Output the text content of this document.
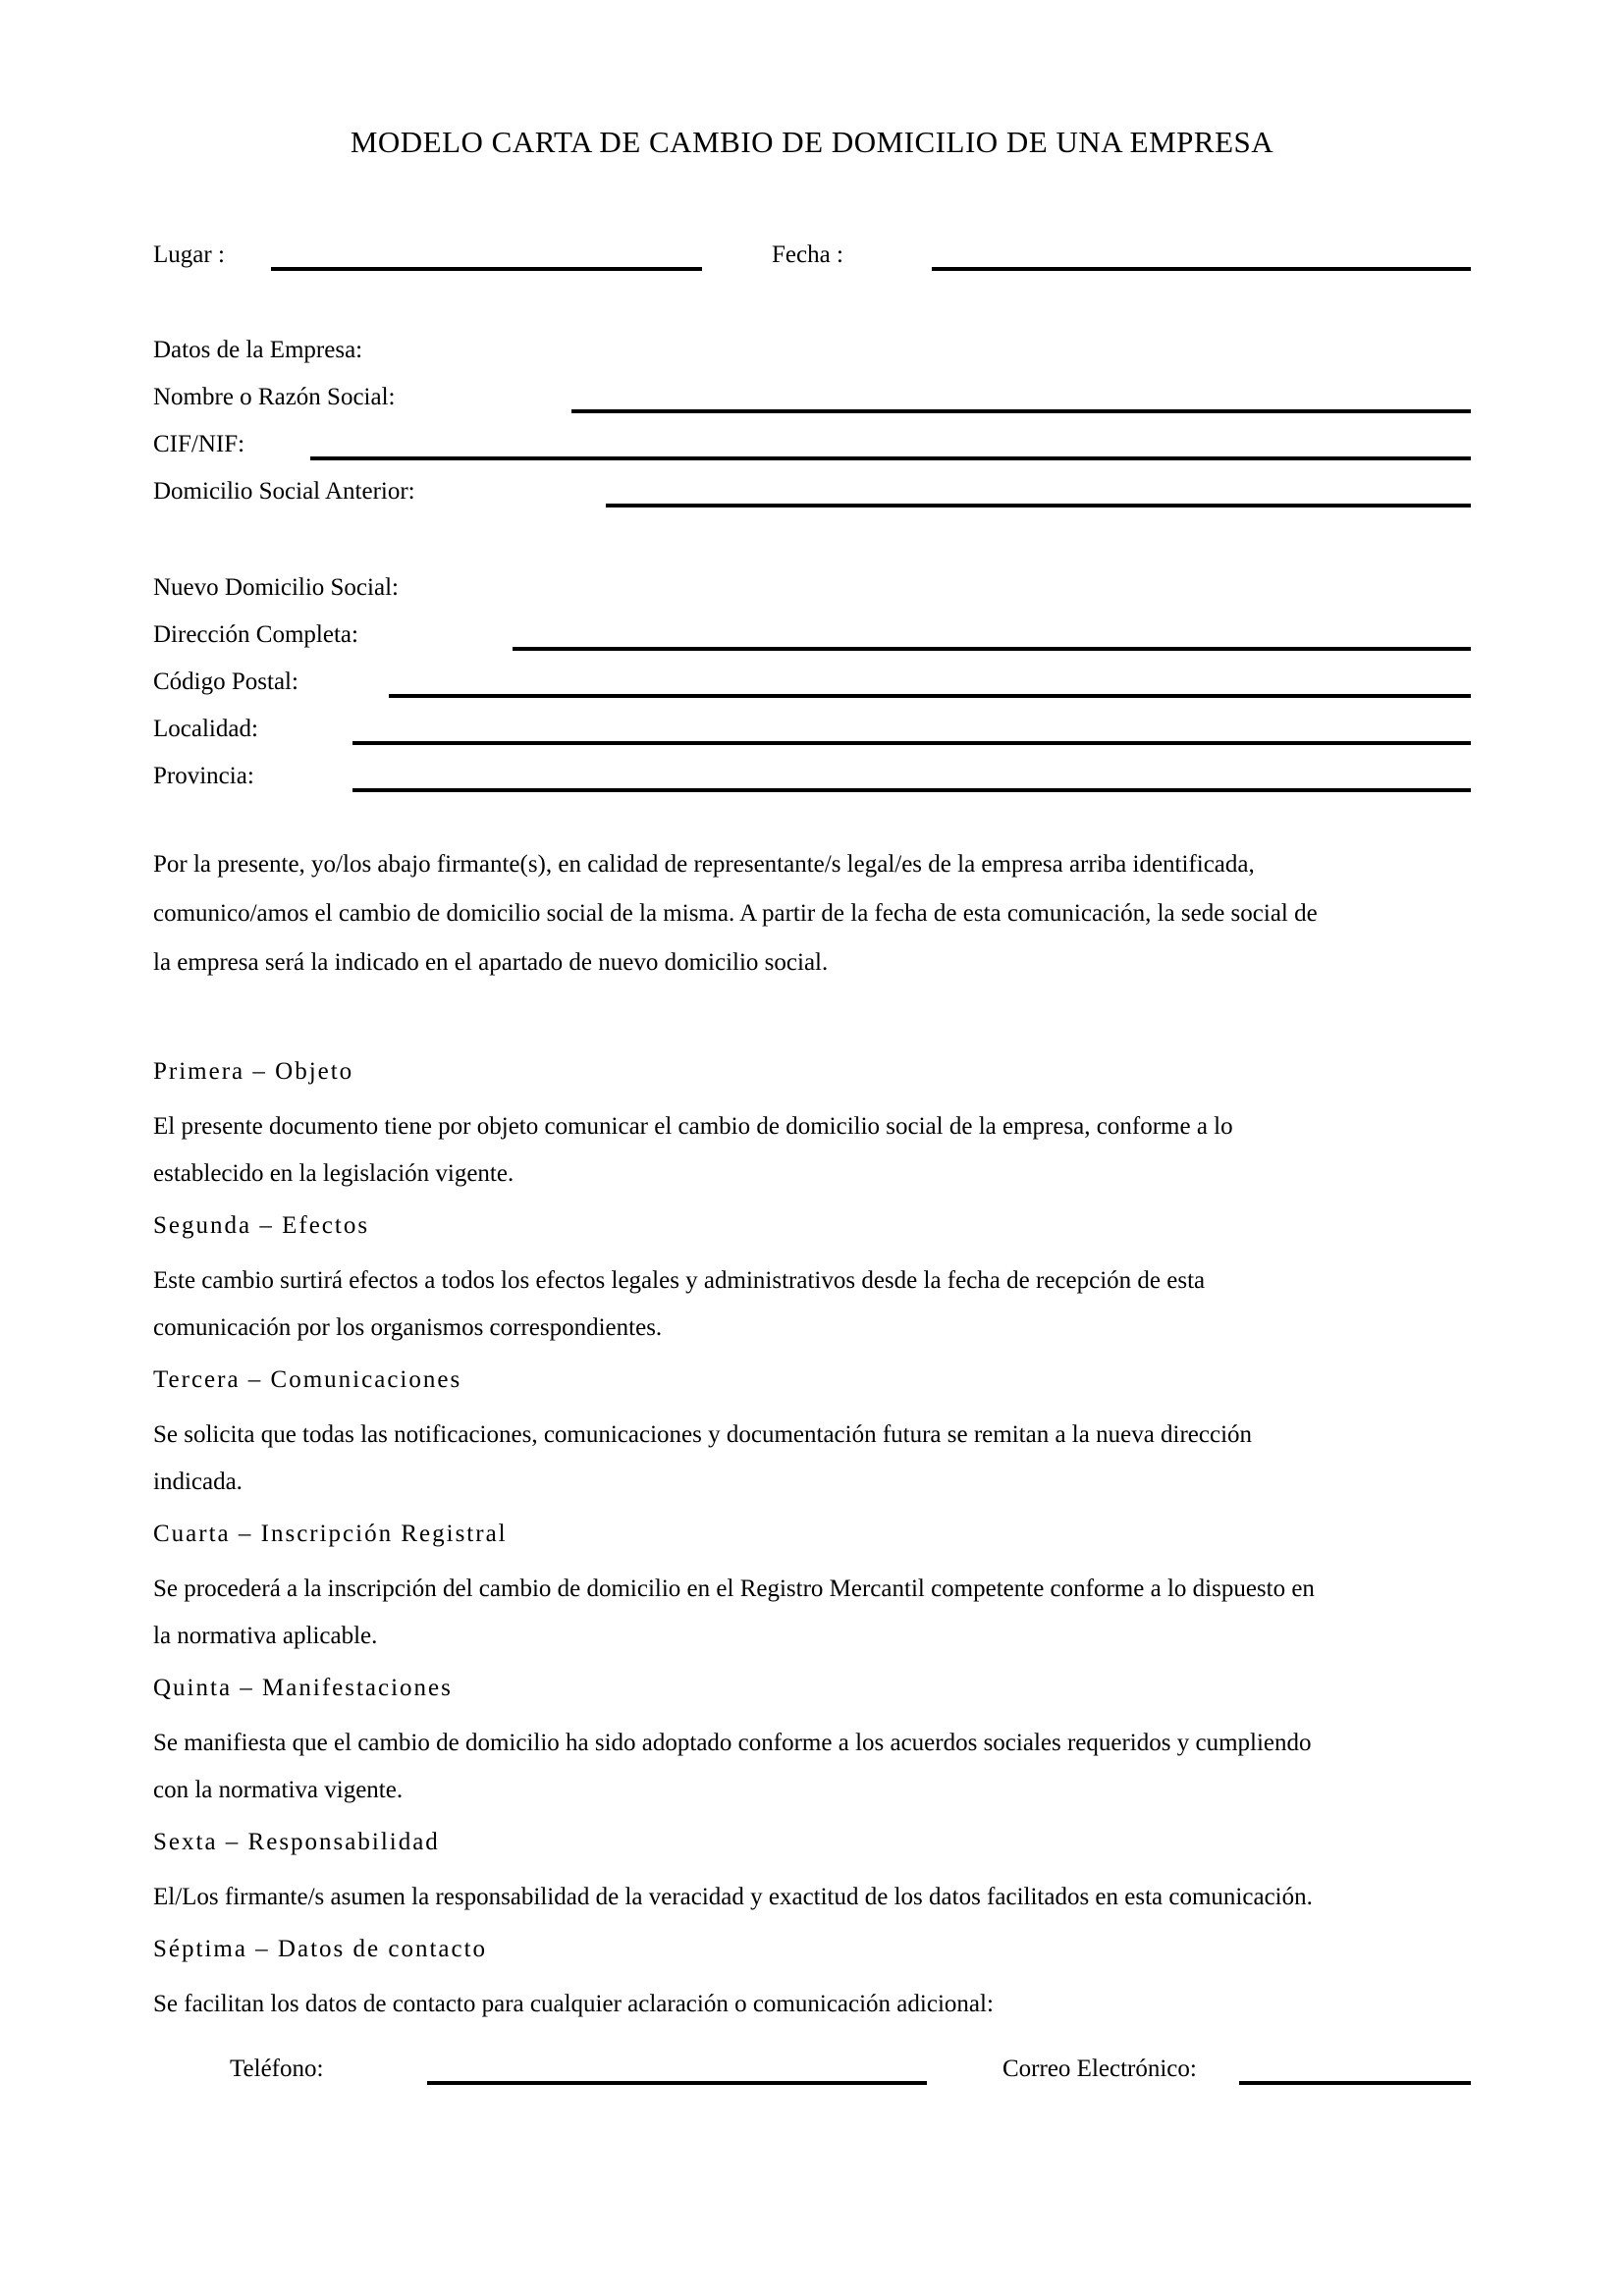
MODELO CARTA DE CAMBIO DE DOMICILIO DE UNA EMPRESA
Lugar :	Fecha :
Datos de la Empresa:
Nombre o Razón Social:
CIF/NIF:
Domicilio Social Anterior:
Nuevo Domicilio Social:
Dirección Completa:
Código Postal:
Localidad:
Provincia:
Por la presente, yo/los abajo firmante(s), en calidad de representante/s legal/es de la empresa arriba identificada,
comunico/amos el cambio de domicilio social de la misma. A partir de la fecha de esta comunicación, la sede social de
la empresa será la indicado en el apartado de nuevo domicilio social.
Primera – Objeto
El presente documento tiene por objeto comunicar el cambio de domicilio social de la empresa, conforme a lo
establecido en la legislación vigente.
Segunda – Efectos
Este cambio surtirá efectos a todos los efectos legales y administrativos desde la fecha de recepción de esta
comunicación por los organismos correspondientes.
Tercera – Comunicaciones
Se solicita que todas las notificaciones, comunicaciones y documentación futura se remitan a la nueva dirección
indicada.
Cuarta – Inscripción Registral
Se procederá a la inscripción del cambio de domicilio en el Registro Mercantil competente conforme a lo dispuesto en
la normativa aplicable.
Quinta – Manifestaciones
Se manifiesta que el cambio de domicilio ha sido adoptado conforme a los acuerdos sociales requeridos y cumpliendo
con la normativa vigente.
Sexta – Responsabilidad
El/Los firmante/s asumen la responsabilidad de la veracidad y exactitud de los datos facilitados en esta comunicación.
Séptima – Datos de contacto
Se facilitan los datos de contacto para cualquier aclaración o comunicación adicional:
Teléfono:	Correo Electrónico:
